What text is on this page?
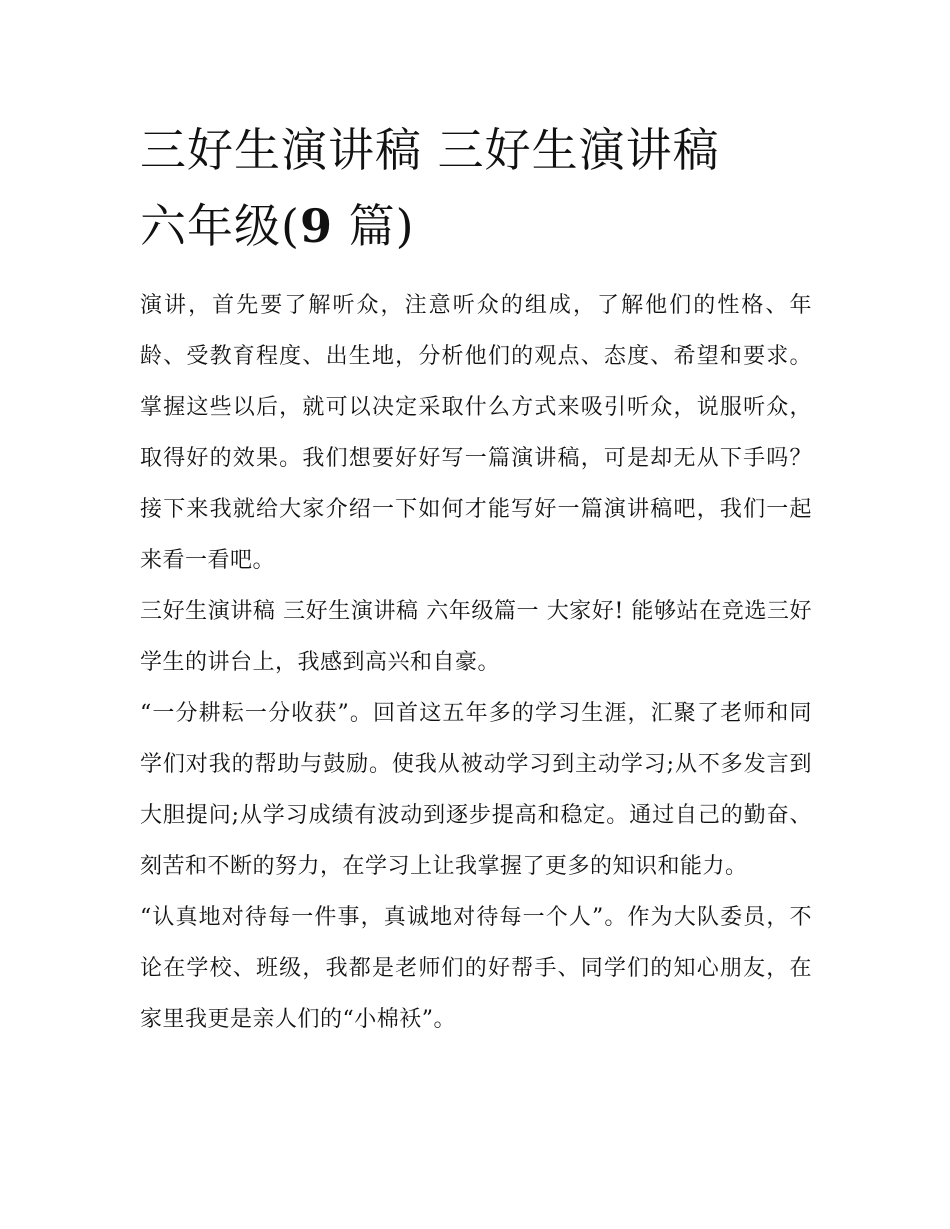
三好生演讲稿 三好生演讲稿
六年级(9 篇)

演讲，首先要了解听众，注意听众的组成，了解他们的性格、年龄、受教育程度、出生地，分析他们的观点、态度、希望和要求。掌握这些以后，就可以决定采取什么方式来吸引听众，说服听众，取得好的效果。我们想要好好写一篇演讲稿，可是却无从下手吗？接下来我就给大家介绍一下如何才能写好一篇演讲稿吧，我们一起来看一看吧。

三好生演讲稿 三好生演讲稿 六年级篇一 大家好! 能够站在竞选三好学生的讲台上，我感到高兴和自豪。

“一分耕耘一分收获”。回首这五年多的学习生涯，汇聚了老师和同学们对我的帮助与鼓励。使我从被动学习到主动学习;从不多发言到大胆提问;从学习成绩有波动到逐步提高和稳定。通过自己的勤奋、刻苦和不断的努力，在学习上让我掌握了更多的知识和能力。

“认真地对待每一件事，真诚地对待每一个人”。作为大队委员，不论在学校、班级，我都是老师们的好帮手、同学们的知心朋友，在家里我更是亲人们的“小棉袄”。
